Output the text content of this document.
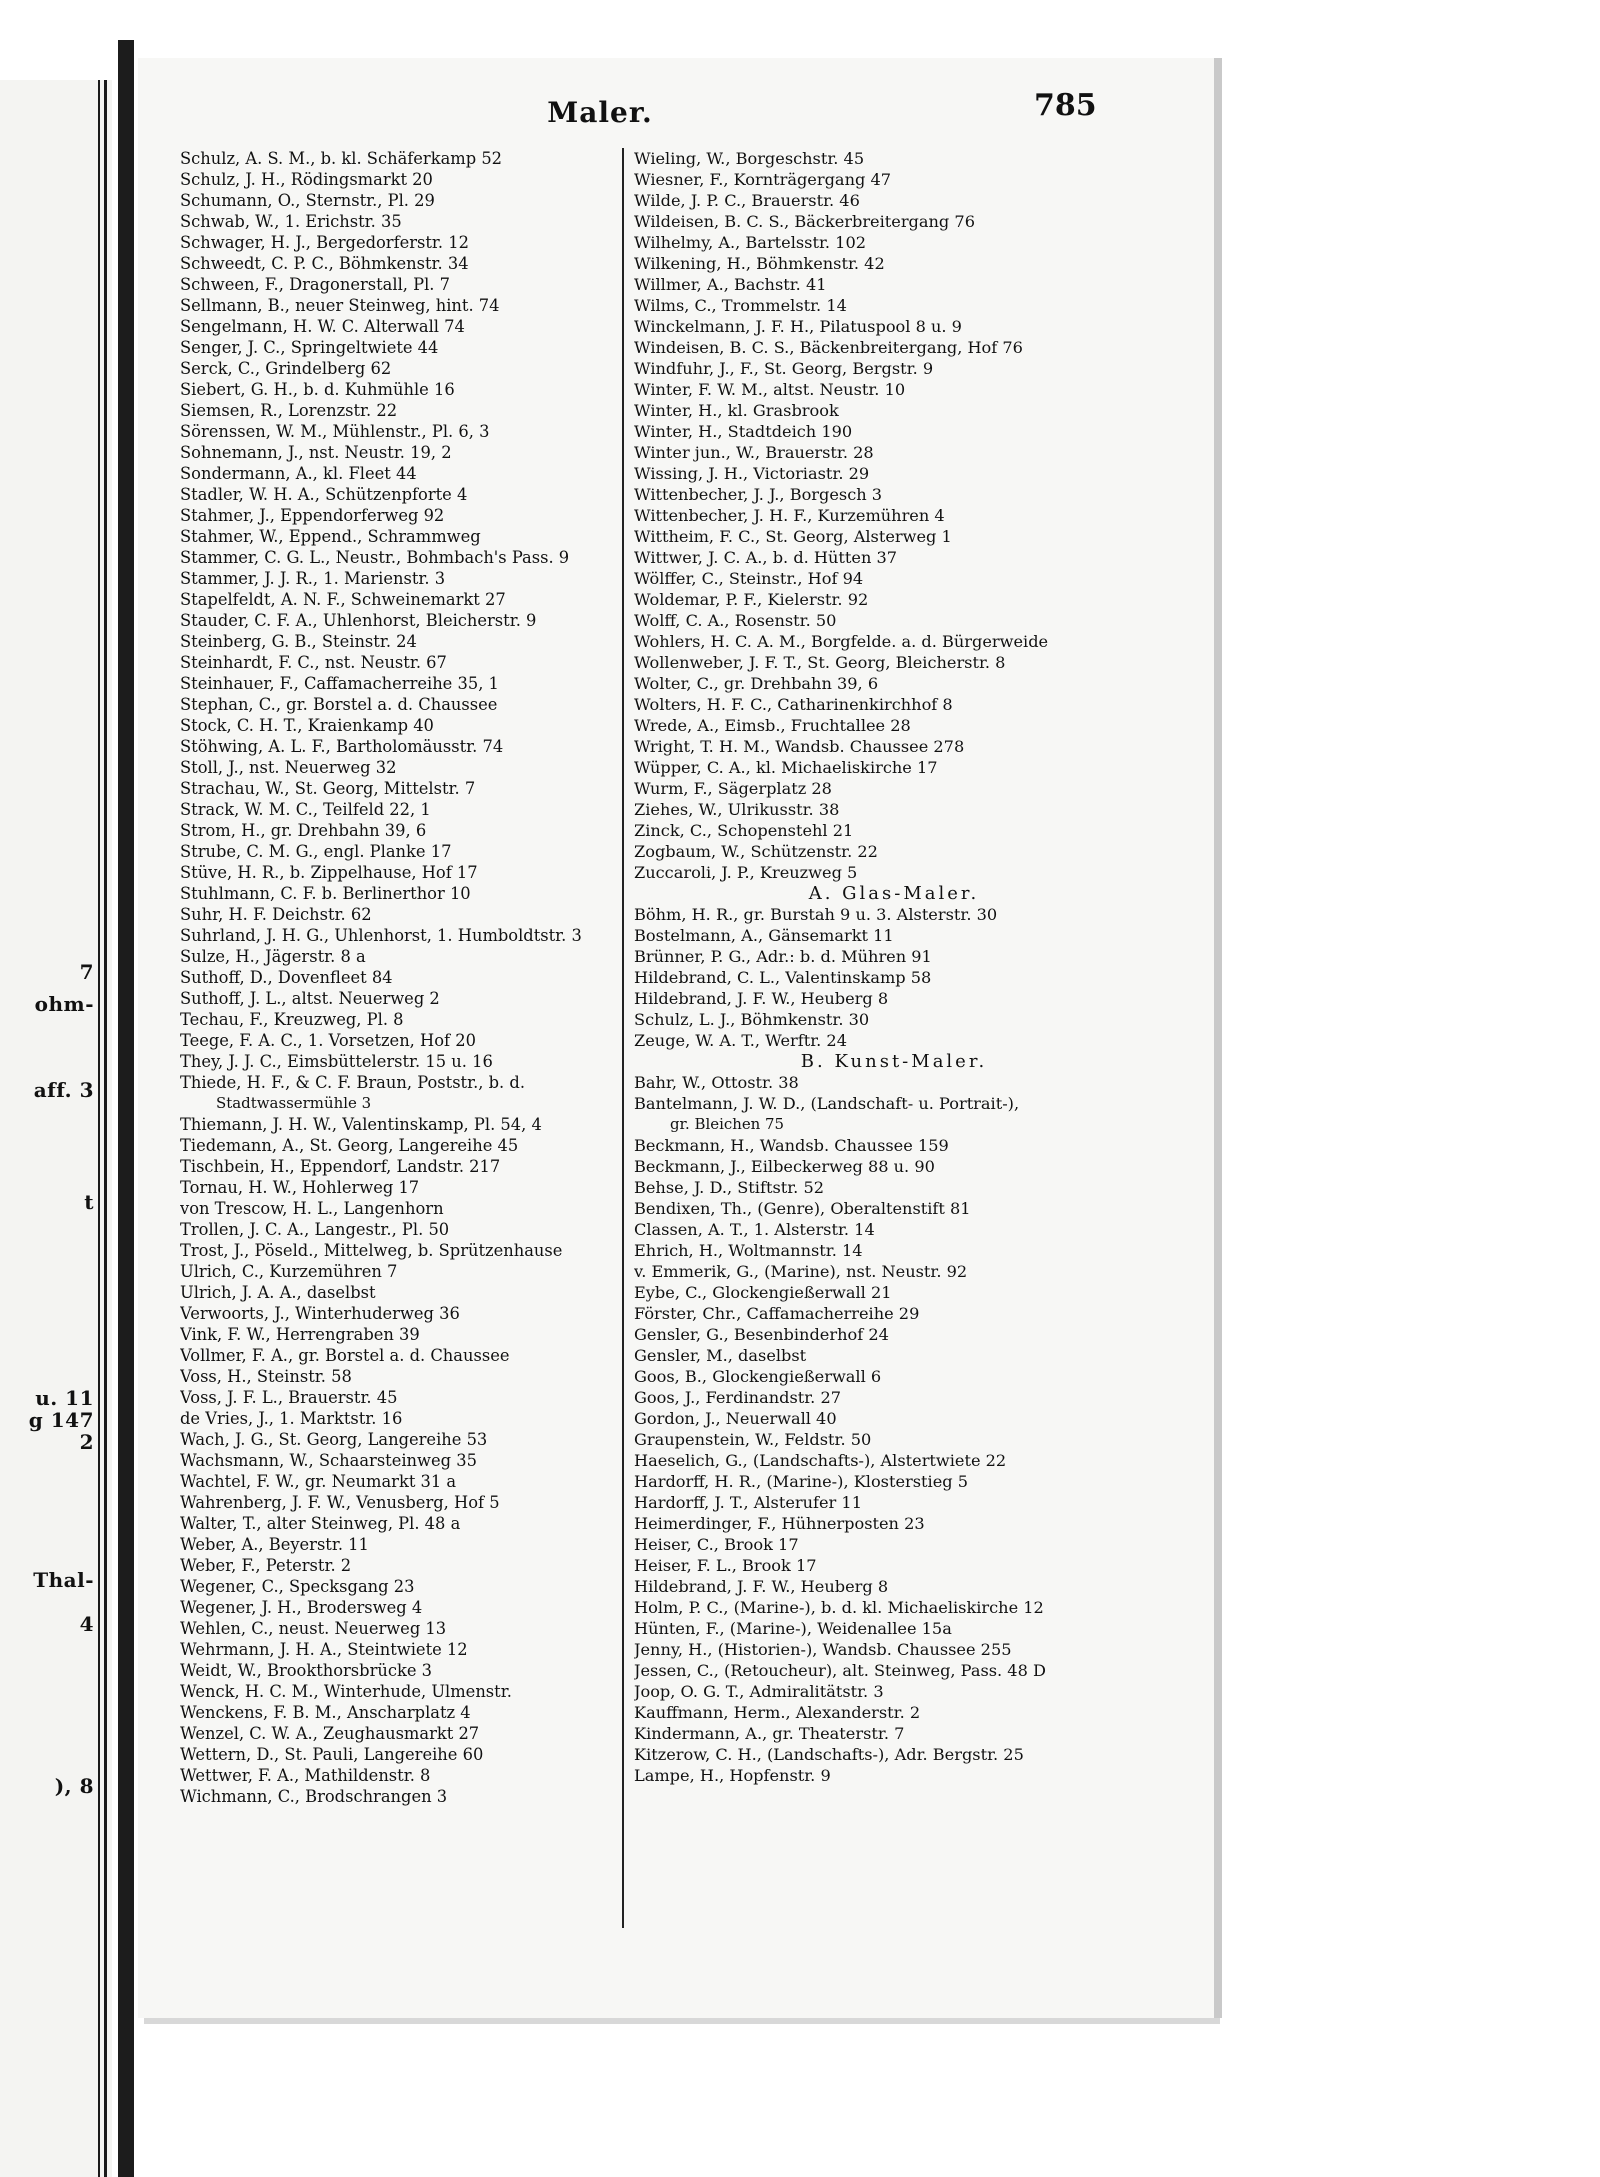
7
ohm-
aff. 3
t
u. 11
g 147
2
Thal-
4
), 8
Maler.	785
Schulz, A. S. M., b. kl. Schäferkamp 52
Schulz, J. H., Rödingsmarkt 20
Schumann, O., Sternstr., Pl. 29
Schwab, W., 1. Erichstr. 35
Schwager, H. J., Bergedorferstr. 12
Schweedt, C. P. C., Böhmkenstr. 34
Schween, F., Dragonerstall, Pl. 7
Sellmann, B., neuer Steinweg, hint. 74
Sengelmann, H. W. C. Alterwall 74
Senger, J. C., Springeltwiete 44
Serck, C., Grindelberg 62
Siebert, G. H., b. d. Kuhmühle 16
Siemsen, R., Lorenzstr. 22
Sörenssen, W. M., Mühlenstr., Pl. 6, 3
Sohnemann, J., nst. Neustr. 19, 2
Sondermann, A., kl. Fleet 44
Stadler, W. H. A., Schützenpforte 4
Stahmer, J., Eppendorferweg 92
Stahmer, W., Eppend., Schrammweg
Stammer, C. G. L., Neustr., Bohmbach's Pass. 9
Stammer, J. J. R., 1. Marienstr. 3
Stapelfeldt, A. N. F., Schweinemarkt 27
Stauder, C. F. A., Uhlenhorst, Bleicherstr. 9
Steinberg, G. B., Steinstr. 24
Steinhardt, F. C., nst. Neustr. 67
Steinhauer, F., Caffamacherreihe 35, 1
Stephan, C., gr. Borstel a. d. Chaussee
Stock, C. H. T., Kraienkamp 40
Stöhwing, A. L. F., Bartholomäusstr. 74
Stoll, J., nst. Neuerweg 32
Strachau, W., St. Georg, Mittelstr. 7
Strack, W. M. C., Teilfeld 22, 1
Strom, H., gr. Drehbahn 39, 6
Strube, C. M. G., engl. Planke 17
Stüve, H. R., b. Zippelhause, Hof 17
Stuhlmann, C. F. b. Berlinerthor 10
Suhr, H. F. Deichstr. 62
Suhrland, J. H. G., Uhlenhorst, 1. Humboldtstr. 3
Sulze, H., Jägerstr. 8 a
Suthoff, D., Dovenfleet 84
Suthoff, J. L., altst. Neuerweg 2
Techau, F., Kreuzweg, Pl. 8
Teege, F. A. C., 1. Vorsetzen, Hof 20
They, J. J. C., Eimsbüttelerstr. 15 u. 16
Thiede, H. F., & C. F. Braun, Poststr., b. d.
Stadtwassermühle 3
Thiemann, J. H. W., Valentinskamp, Pl. 54, 4
Tiedemann, A., St. Georg, Langereihe 45
Tischbein, H., Eppendorf, Landstr. 217
Tornau, H. W., Hohlerweg 17
von Trescow, H. L., Langenhorn
Trollen, J. C. A., Langestr., Pl. 50
Trost, J., Pöseld., Mittelweg, b. Sprützenhause
Ulrich, C., Kurzemühren 7
Ulrich, J. A. A., daselbst
Verwoorts, J., Winterhuderweg 36
Vink, F. W., Herrengraben 39
Vollmer, F. A., gr. Borstel a. d. Chaussee
Voss, H., Steinstr. 58
Voss, J. F. L., Brauerstr. 45
de Vries, J., 1. Marktstr. 16
Wach, J. G., St. Georg, Langereihe 53
Wachsmann, W., Schaarsteinweg 35
Wachtel, F. W., gr. Neumarkt 31 a
Wahrenberg, J. F. W., Venusberg, Hof 5
Walter, T., alter Steinweg, Pl. 48 a
Weber, A., Beyerstr. 11
Weber, F., Peterstr. 2
Wegener, C., Specksgang 23
Wegener, J. H., Brodersweg 4
Wehlen, C., neust. Neuerweg 13
Wehrmann, J. H. A., Steintwiete 12
Weidt, W., Brookthorsbrücke 3
Wenck, H. C. M., Winterhude, Ulmenstr.
Wenckens, F. B. M., Anscharplatz 4
Wenzel, C. W. A., Zeughausmarkt 27
Wettern, D., St. Pauli, Langereihe 60
Wettwer, F. A., Mathildenstr. 8
Wichmann, C., Brodschrangen 3
Wieling, W., Borgeschstr. 45
Wiesner, F., Kornträgergang 47
Wilde, J. P. C., Brauerstr. 46
Wildeisen, B. C. S., Bäckerbreitergang 76
Wilhelmy, A., Bartelsstr. 102
Wilkening, H., Böhmkenstr. 42
Willmer, A., Bachstr. 41
Wilms, C., Trommelstr. 14
Winckelmann, J. F. H., Pilatuspool 8 u. 9
Windeisen, B. C. S., Bäckenbreitergang, Hof 76
Windfuhr, J., F., St. Georg, Bergstr. 9
Winter, F. W. M., altst. Neustr. 10
Winter, H., kl. Grasbrook
Winter, H., Stadtdeich 190
Winter jun., W., Brauerstr. 28
Wissing, J. H., Victoriastr. 29
Wittenbecher, J. J., Borgesch 3
Wittenbecher, J. H. F., Kurzemühren 4
Wittheim, F. C., St. Georg, Alsterweg 1
Wittwer, J. C. A., b. d. Hütten 37
Wölffer, C., Steinstr., Hof 94
Woldemar, P. F., Kielerstr. 92
Wolff, C. A., Rosenstr. 50
Wohlers, H. C. A. M., Borgfelde. a. d. Bürgerweide
Wollenweber, J. F. T., St. Georg, Bleicherstr. 8
Wolter, C., gr. Drehbahn 39, 6
Wolters, H. F. C., Catharinenkirchhof 8
Wrede, A., Eimsb., Fruchtallee 28
Wright, T. H. M., Wandsb. Chaussee 278
Wüpper, C. A., kl. Michaeliskirche 17
Wurm, F., Sägerplatz 28
Ziehes, W., Ulrikusstr. 38
Zinck, C., Schopenstehl 21
Zogbaum, W., Schützenstr. 22
Zuccaroli, J. P., Kreuzweg 5
A. Glas-Maler.
Böhm, H. R., gr. Burstah 9 u. 3. Alsterstr. 30
Bostelmann, A., Gänsemarkt 11
Brünner, P. G., Adr.: b. d. Mühren 91
Hildebrand, C. L., Valentinskamp 58
Hildebrand, J. F. W., Heuberg 8
Schulz, L. J., Böhmkenstr. 30
Zeuge, W. A. T., Werftr. 24
B. Kunst-Maler.
Bahr, W., Ottostr. 38
Bantelmann, J. W. D., (Landschaft- u. Portrait-),
gr. Bleichen 75
Beckmann, H., Wandsb. Chaussee 159
Beckmann, J., Eilbeckerweg 88 u. 90
Behse, J. D., Stiftstr. 52
Bendixen, Th., (Genre), Oberaltenstift 81
Classen, A. T., 1. Alsterstr. 14
Ehrich, H., Woltmannstr. 14
v. Emmerik, G., (Marine), nst. Neustr. 92
Eybe, C., Glockengießerwall 21
Förster, Chr., Caffamacherreihe 29
Gensler, G., Besenbinderhof 24
Gensler, M., daselbst
Goos, B., Glockengießerwall 6
Goos, J., Ferdinandstr. 27
Gordon, J., Neuerwall 40
Graupenstein, W., Feldstr. 50
Haeselich, G., (Landschafts-), Alstertwiete 22
Hardorff, H. R., (Marine-), Klosterstieg 5
Hardorff, J. T., Alsterufer 11
Heimerdinger, F., Hühnerposten 23
Heiser, C., Brook 17
Heiser, F. L., Brook 17
Hildebrand, J. F. W., Heuberg 8
Holm, P. C., (Marine-), b. d. kl. Michaeliskirche 12
Hünten, F., (Marine-), Weidenallee 15a
Jenny, H., (Historien-), Wandsb. Chaussee 255
Jessen, C., (Retoucheur), alt. Steinweg, Pass. 48 D
Joop, O. G. T., Admiralitätstr. 3
Kauffmann, Herm., Alexanderstr. 2
Kindermann, A., gr. Theaterstr. 7
Kitzerow, C. H., (Landschafts-), Adr. Bergstr. 25
Lampe, H., Hopfenstr. 9
